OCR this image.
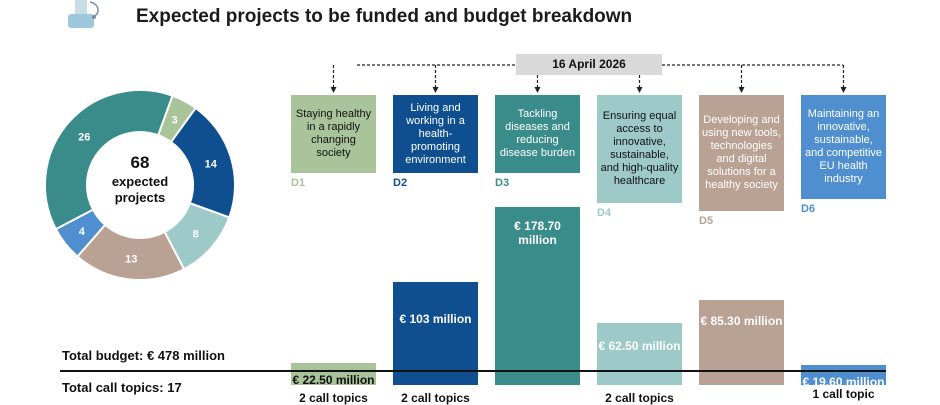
Expected projects to be funded and budget breakdown
16 April 2026
3
14
8
13
4
26
68
expected
projects
Staying healthy in a rapidly changing society
D1
€ 22.50 million
2 call topics
Living and working in a health-promoting environment
D2
€ 103 million
2 call topics
Tackling diseases and reducing disease burden
D3
€ 178.70 million
6 call topics
Ensuring equal access to innovative, sustainable, and high-quality healthcare
D4
€ 62.50 million
2 call topics
Developing and using new tools, technologies and digital solutions for a healthy society
D5
€ 85.30 million
Maintaining an innovative, sustainable, and competitive EU health industry
D6
€ 19.60 million
1 call topic
Total budget: € 478 million
Total call topics: 17
